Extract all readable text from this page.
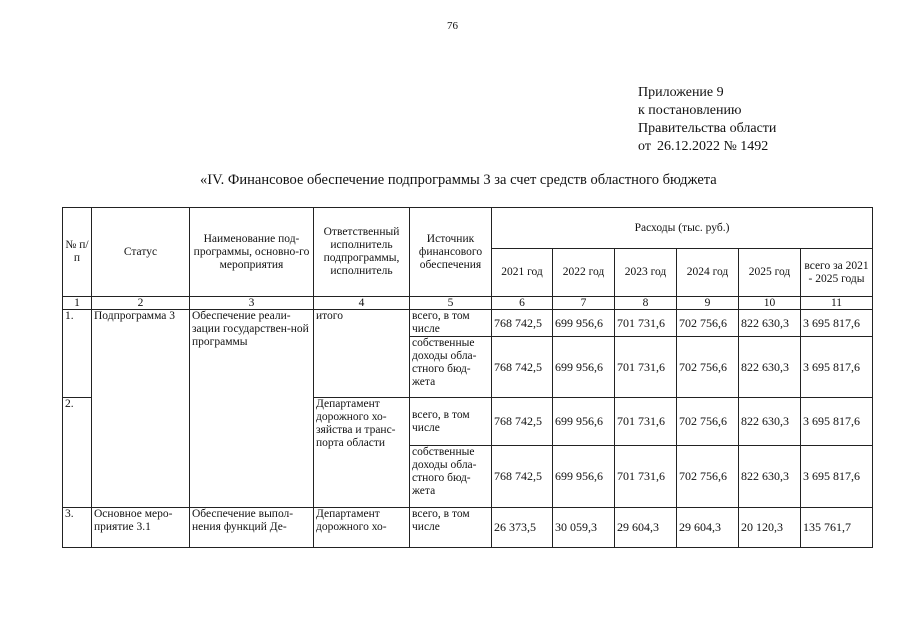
76
Приложение 9
к постановлению
Правительства области
от 26.12.2022 № 1492
«IV. Финансовое обеспечение подпрограммы 3 за счет средств областного бюджета
№ п/п	Статус	Наименование под-программы, основно-го мероприятия	Ответственный исполнитель подпрограммы, исполнитель	Источник финансового обеспечения	Расходы (тыс. руб.)					
					2021 год	2022 год	2023 год	2024 год	2025 год	всего за 2021 - 2025 годы
1	2	3	4	5	6	7	8	9	10	11
1.	Подпрограмма 3	Обеспечение реали-зации государствен-ной программы	итого	всего, в том числе	768 742,5	699 956,6	701 731,6	702 756,6	822 630,3	3 695 817,6
				собственные доходы обла-стного бюд-жета	768 742,5	699 956,6	701 731,6	702 756,6	822 630,3	3 695 817,6
2.			Департамент дорожного хо-зяйства и транс-порта области	всего, в том числе	768 742,5	699 956,6	701 731,6	702 756,6	822 630,3	3 695 817,6
				собственные доходы обла-стного бюд-жета	768 742,5	699 956,6	701 731,6	702 756,6	822 630,3	3 695 817,6
3.	Основное меро-приятие 3.1	Обеспечение выпол-нения функций Де-	Департамент дорожного хо-	всего, в том числе	26 373,5	30 059,3	29 604,3	29 604,3	20 120,3	135 761,7
